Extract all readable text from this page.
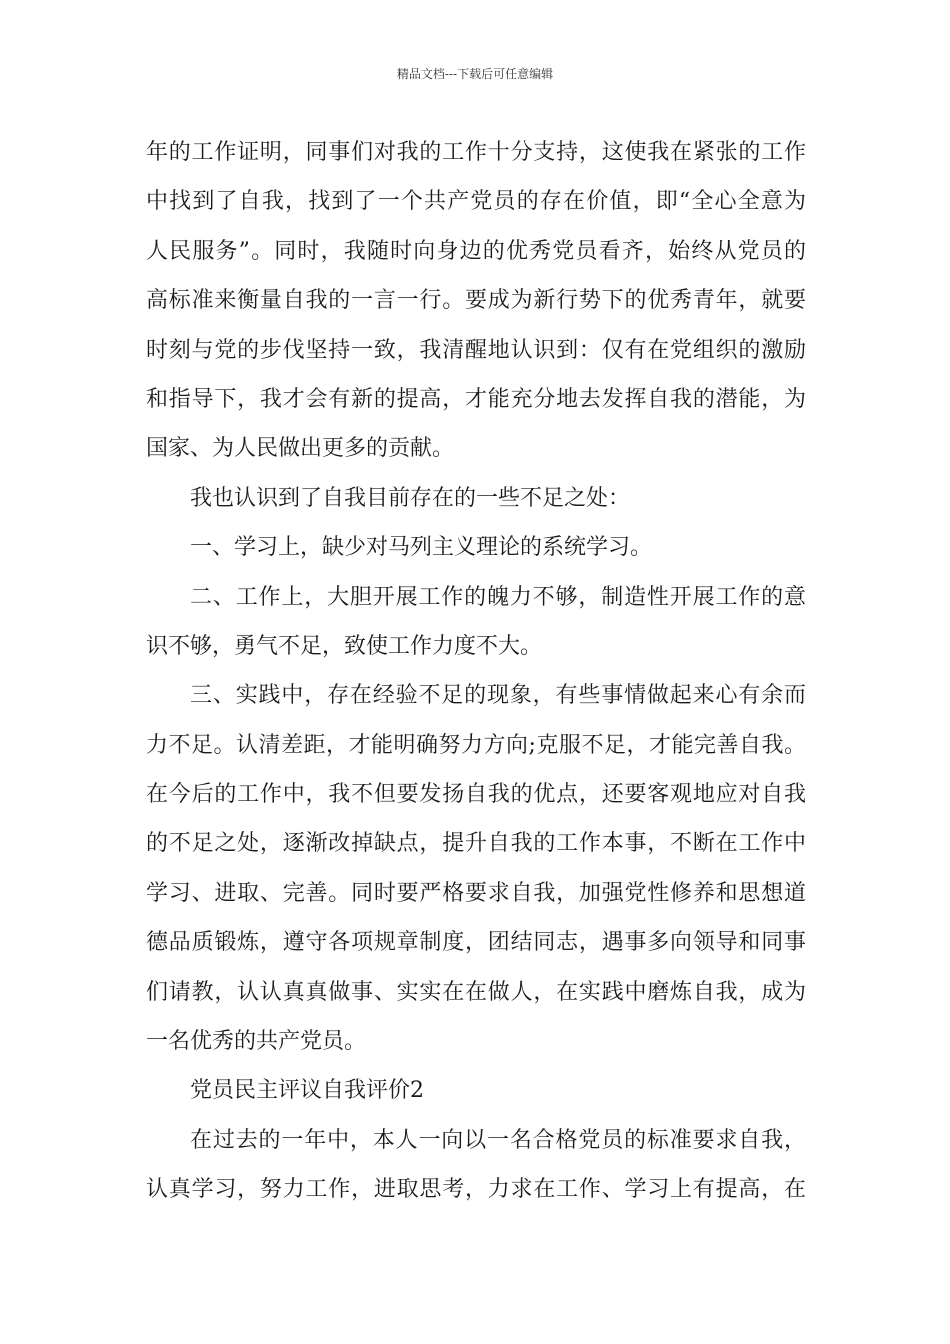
精品文档---下载后可任意编辑
年的工作证明，同事们对我的工作十分支持，这使我在紧张的工作
中找到了自我，找到了一个共产党员的存在价值，即“全心全意为
人民服务”。同时，我随时向身边的优秀党员看齐，始终从党员的
高标准来衡量自我的一言一行。要成为新行势下的优秀青年，就要
时刻与党的步伐坚持一致，我清醒地认识到：仅有在党组织的激励
和指导下，我才会有新的提高，才能充分地去发挥自我的潜能，为
国家、为人民做出更多的贡献。
我也认识到了自我目前存在的一些不足之处：
一、学习上，缺少对马列主义理论的系统学习。
二、工作上，大胆开展工作的魄力不够，制造性开展工作的意
识不够，勇气不足，致使工作力度不大。
三、实践中，存在经验不足的现象，有些事情做起来心有余而
力不足。认清差距，才能明确努力方向;克服不足，才能完善自我。
在今后的工作中，我不但要发扬自我的优点，还要客观地应对自我
的不足之处，逐渐改掉缺点，提升自我的工作本事，不断在工作中
学习、进取、完善。同时要严格要求自我，加强党性修养和思想道
德品质锻炼，遵守各项规章制度，团结同志，遇事多向领导和同事
们请教，认认真真做事、实实在在做人，在实践中磨炼自我，成为
一名优秀的共产党员。
党员民主评议自我评价2
在过去的一年中，本人一向以一名合格党员的标准要求自我，
认真学习，努力工作，进取思考，力求在工作、学习上有提高，在
